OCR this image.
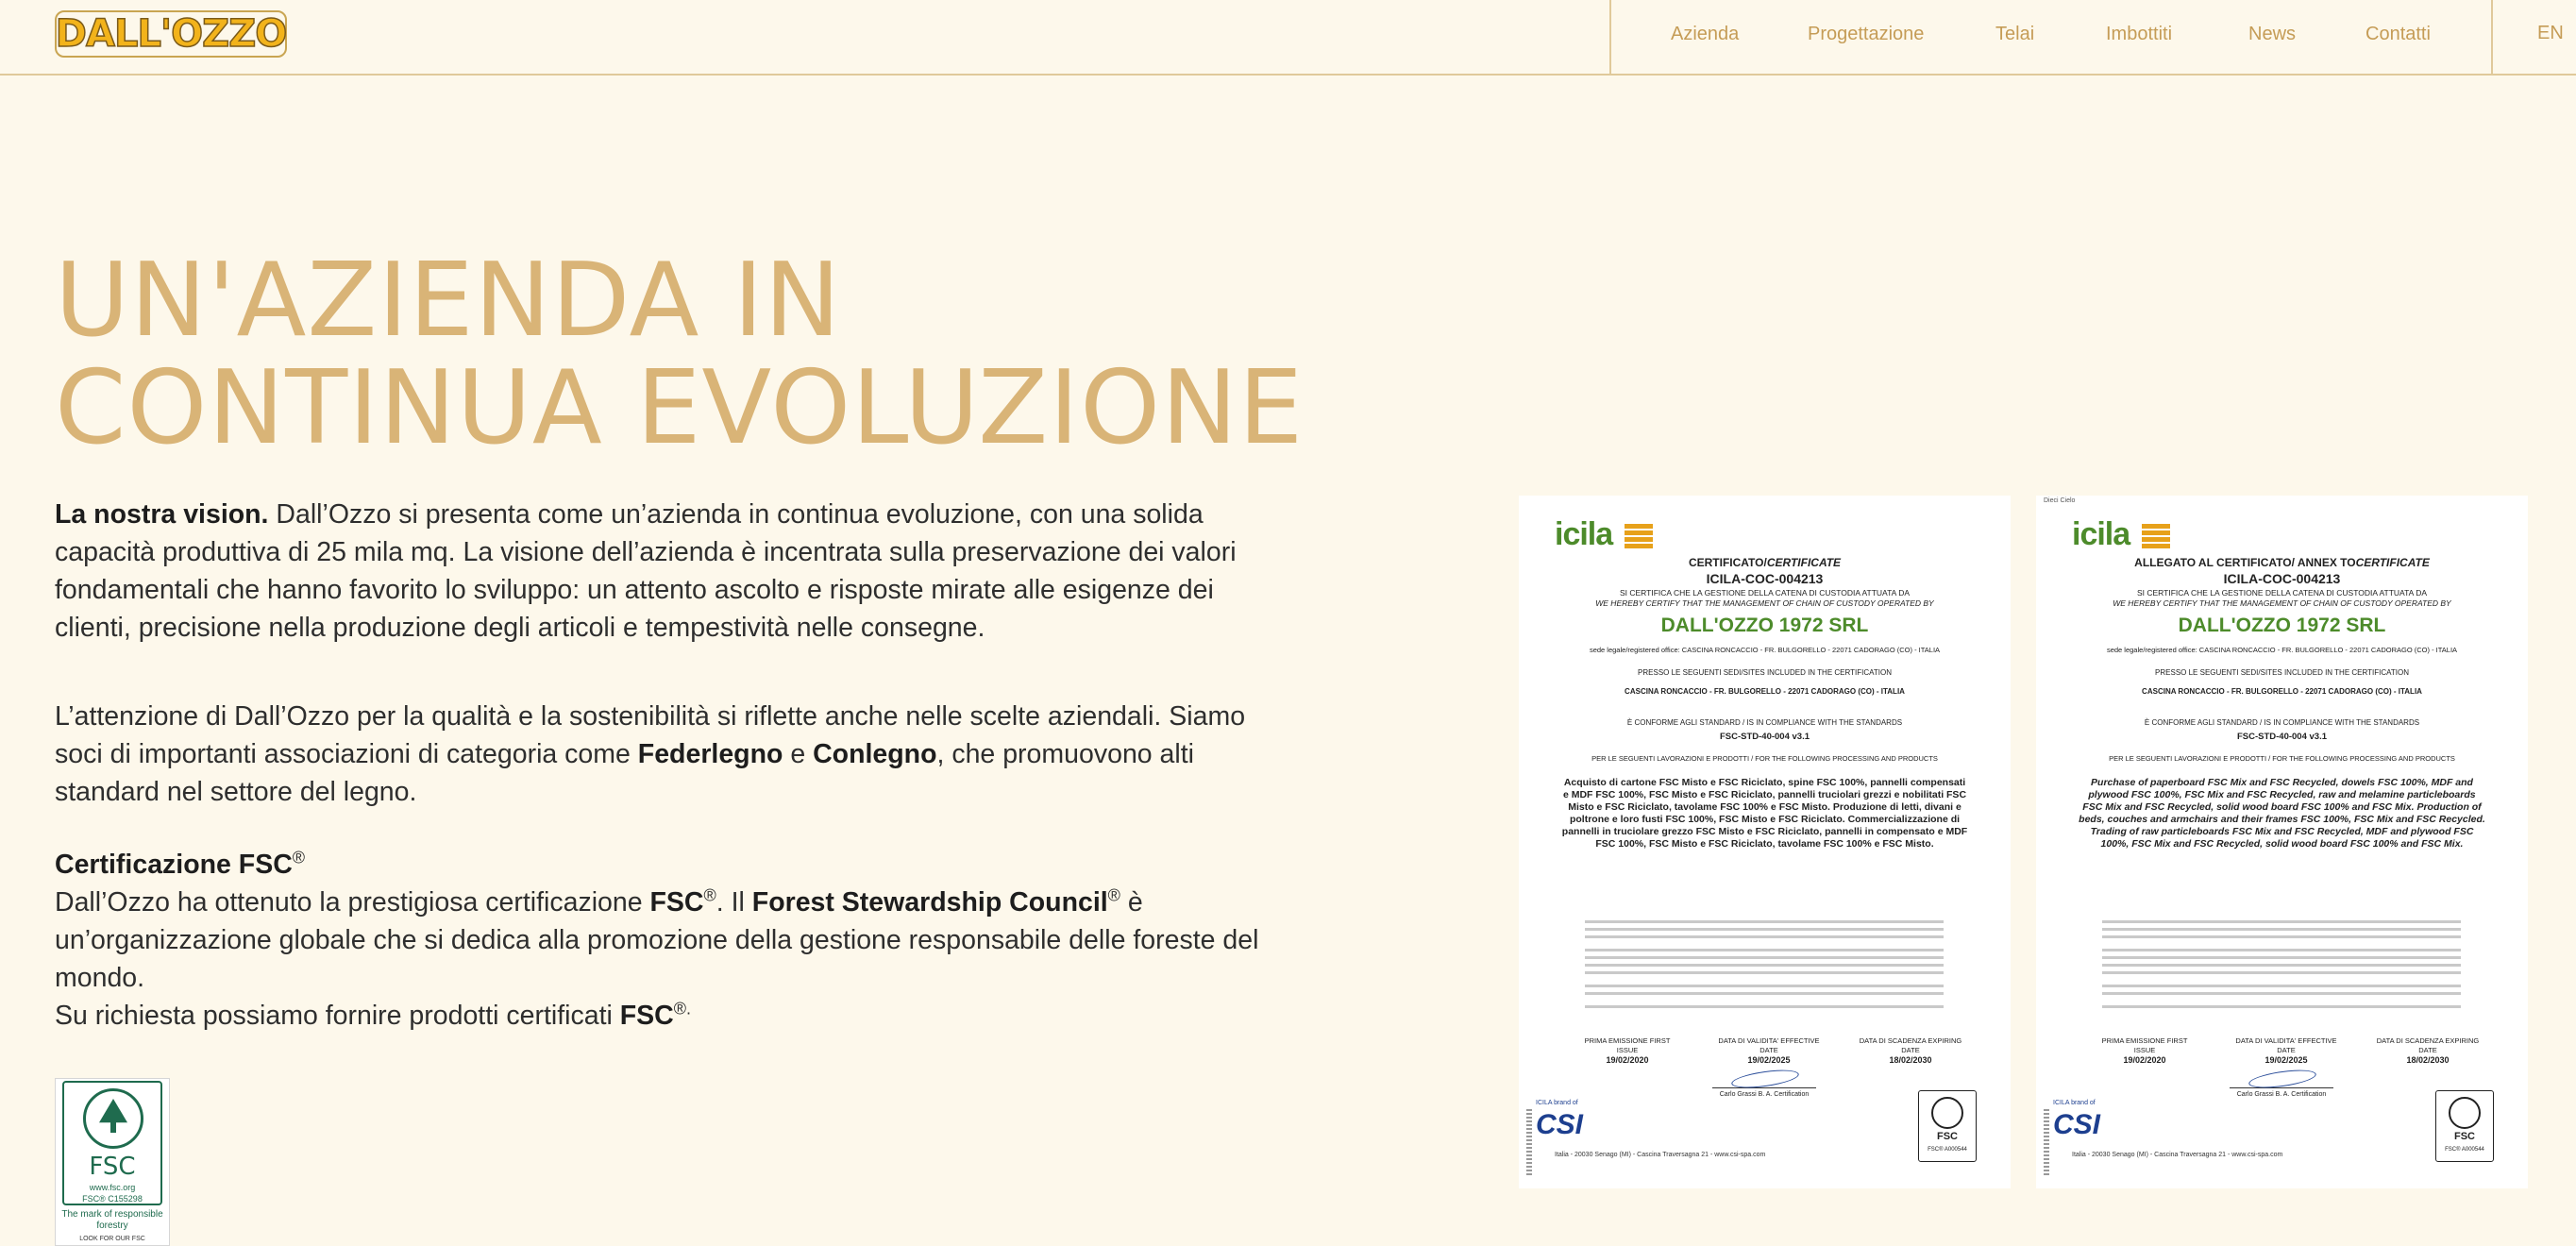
DALL'OZZO	Azienda	Progettazione	Telai	Imbottiti	News	Contatti	EN
UN'AZIENDA IN
CONTINUA EVOLUZIONE

La nostra vision. Dall’Ozzo si presenta come un’azienda in continua evoluzione, con una solida capacità produttiva di 25 mila mq. La visione dell’azienda è incentrata sulla preservazione dei valori fondamentali che hanno favorito lo sviluppo: un attento ascolto e risposte mirate alle esigenze dei clienti, precisione nella produzione degli articoli e tempestività nelle consegne.

L’attenzione di Dall’Ozzo per la qualità e la sostenibilità si riflette anche nelle scelte aziendali. Siamo soci di importanti associazioni di categoria come Federlegno e Conlegno, che promuovono alti standard nel settore del legno.

Certificazione FSC®

Dall’Ozzo ha ottenuto la prestigiosa certificazione FSC®. Il Forest Stewardship Council® è un’organizzazione globale che si dedica alla promozione della gestione responsabile delle foreste del mondo.

Su richiesta possiamo fornire prodotti certificati FSC®.

FSC
www.fsc.org
FSC® C155298
The mark of responsible forestry
LOOK FOR OUR FSC
icila
CERTIFICATO/CERTIFICATE
ICILA-COC-004213
SI CERTIFICA CHE LA GESTIONE DELLA CATENA DI CUSTODIA ATTUATA DA
WE HEREBY CERTIFY THAT THE MANAGEMENT OF CHAIN OF CUSTODY OPERATED BY
DALL'OZZO 1972 SRL
sede legale/registered office: CASCINA RONCACCIO - FR. BULGORELLO - 22071 CADORAGO (CO) - ITALIA
PRESSO LE SEGUENTI SEDI/SITES INCLUDED IN THE CERTIFICATION
CASCINA RONCACCIO - FR. BULGORELLO - 22071 CADORAGO (CO) - ITALIA
È CONFORME AGLI STANDARD / IS IN COMPLIANCE WITH THE STANDARDS
FSC-STD-40-004 v3.1
PER LE SEGUENTI LAVORAZIONI E PRODOTTI / FOR THE FOLLOWING PROCESSING AND PRODUCTS
Acquisto di cartone FSC Misto e FSC Riciclato, spine FSC 100%, pannelli compensati e MDF FSC 100%, FSC Misto e FSC Riciclato, pannelli truciolari grezzi e nobilitati FSC Misto e FSC Riciclato, tavolame FSC 100% e FSC Misto. Produzione di letti, divani e poltrone e loro fusti FSC 100%, FSC Misto e FSC Riciclato. Commercializzazione di pannelli in truciolare grezzo FSC Misto e FSC Riciclato, pannelli in compensato e MDF FSC 100%, FSC Misto e FSC Riciclato, tavolame FSC 100% e FSC Misto.
PRIMA EMISSIONE FIRST ISSUE
19/02/2020
DATA DI VALIDITA' EFFECTIVE DATE
19/02/2025
DATA DI SCADENZA EXPIRING DATE
18/02/2030
Carlo Grassi B. A. Certification
ICILA brand of
CSI
Italia - 20030 Senago (MI) - Cascina Traversagna 21 - www.csi-spa.com
FSC
FSC® A000544
Dieci Cielo
icila
ALLEGATO AL CERTIFICATO/ ANNEX TOCERTIFICATE
ICILA-COC-004213
SI CERTIFICA CHE LA GESTIONE DELLA CATENA DI CUSTODIA ATTUATA DA
WE HEREBY CERTIFY THAT THE MANAGEMENT OF CHAIN OF CUSTODY OPERATED BY
DALL'OZZO 1972 SRL
sede legale/registered office: CASCINA RONCACCIO - FR. BULGORELLO - 22071 CADORAGO (CO) - ITALIA
PRESSO LE SEGUENTI SEDI/SITES INCLUDED IN THE CERTIFICATION
CASCINA RONCACCIO - FR. BULGORELLO - 22071 CADORAGO (CO) - ITALIA
È CONFORME AGLI STANDARD / IS IN COMPLIANCE WITH THE STANDARDS
FSC-STD-40-004 v3.1
PER LE SEGUENTI LAVORAZIONI E PRODOTTI / FOR THE FOLLOWING PROCESSING AND PRODUCTS
Purchase of paperboard FSC Mix and FSC Recycled, dowels FSC 100%, MDF and plywood FSC 100%, FSC Mix and FSC Recycled, raw and melamine particleboards FSC Mix and FSC Recycled, solid wood board FSC 100% and FSC Mix. Production of beds, couches and armchairs and their frames FSC 100%, FSC Mix and FSC Recycled. Trading of raw particleboards FSC Mix and FSC Recycled, MDF and plywood FSC 100%, FSC Mix and FSC Recycled, solid wood board FSC 100% and FSC Mix.
PRIMA EMISSIONE FIRST ISSUE
19/02/2020
DATA DI VALIDITA' EFFECTIVE DATE
19/02/2025
DATA DI SCADENZA EXPIRING DATE
18/02/2030
Carlo Grassi B. A. Certification
ICILA brand of
CSI
Italia - 20030 Senago (MI) - Cascina Traversagna 21 - www.csi-spa.com
FSC
FSC® A000544
